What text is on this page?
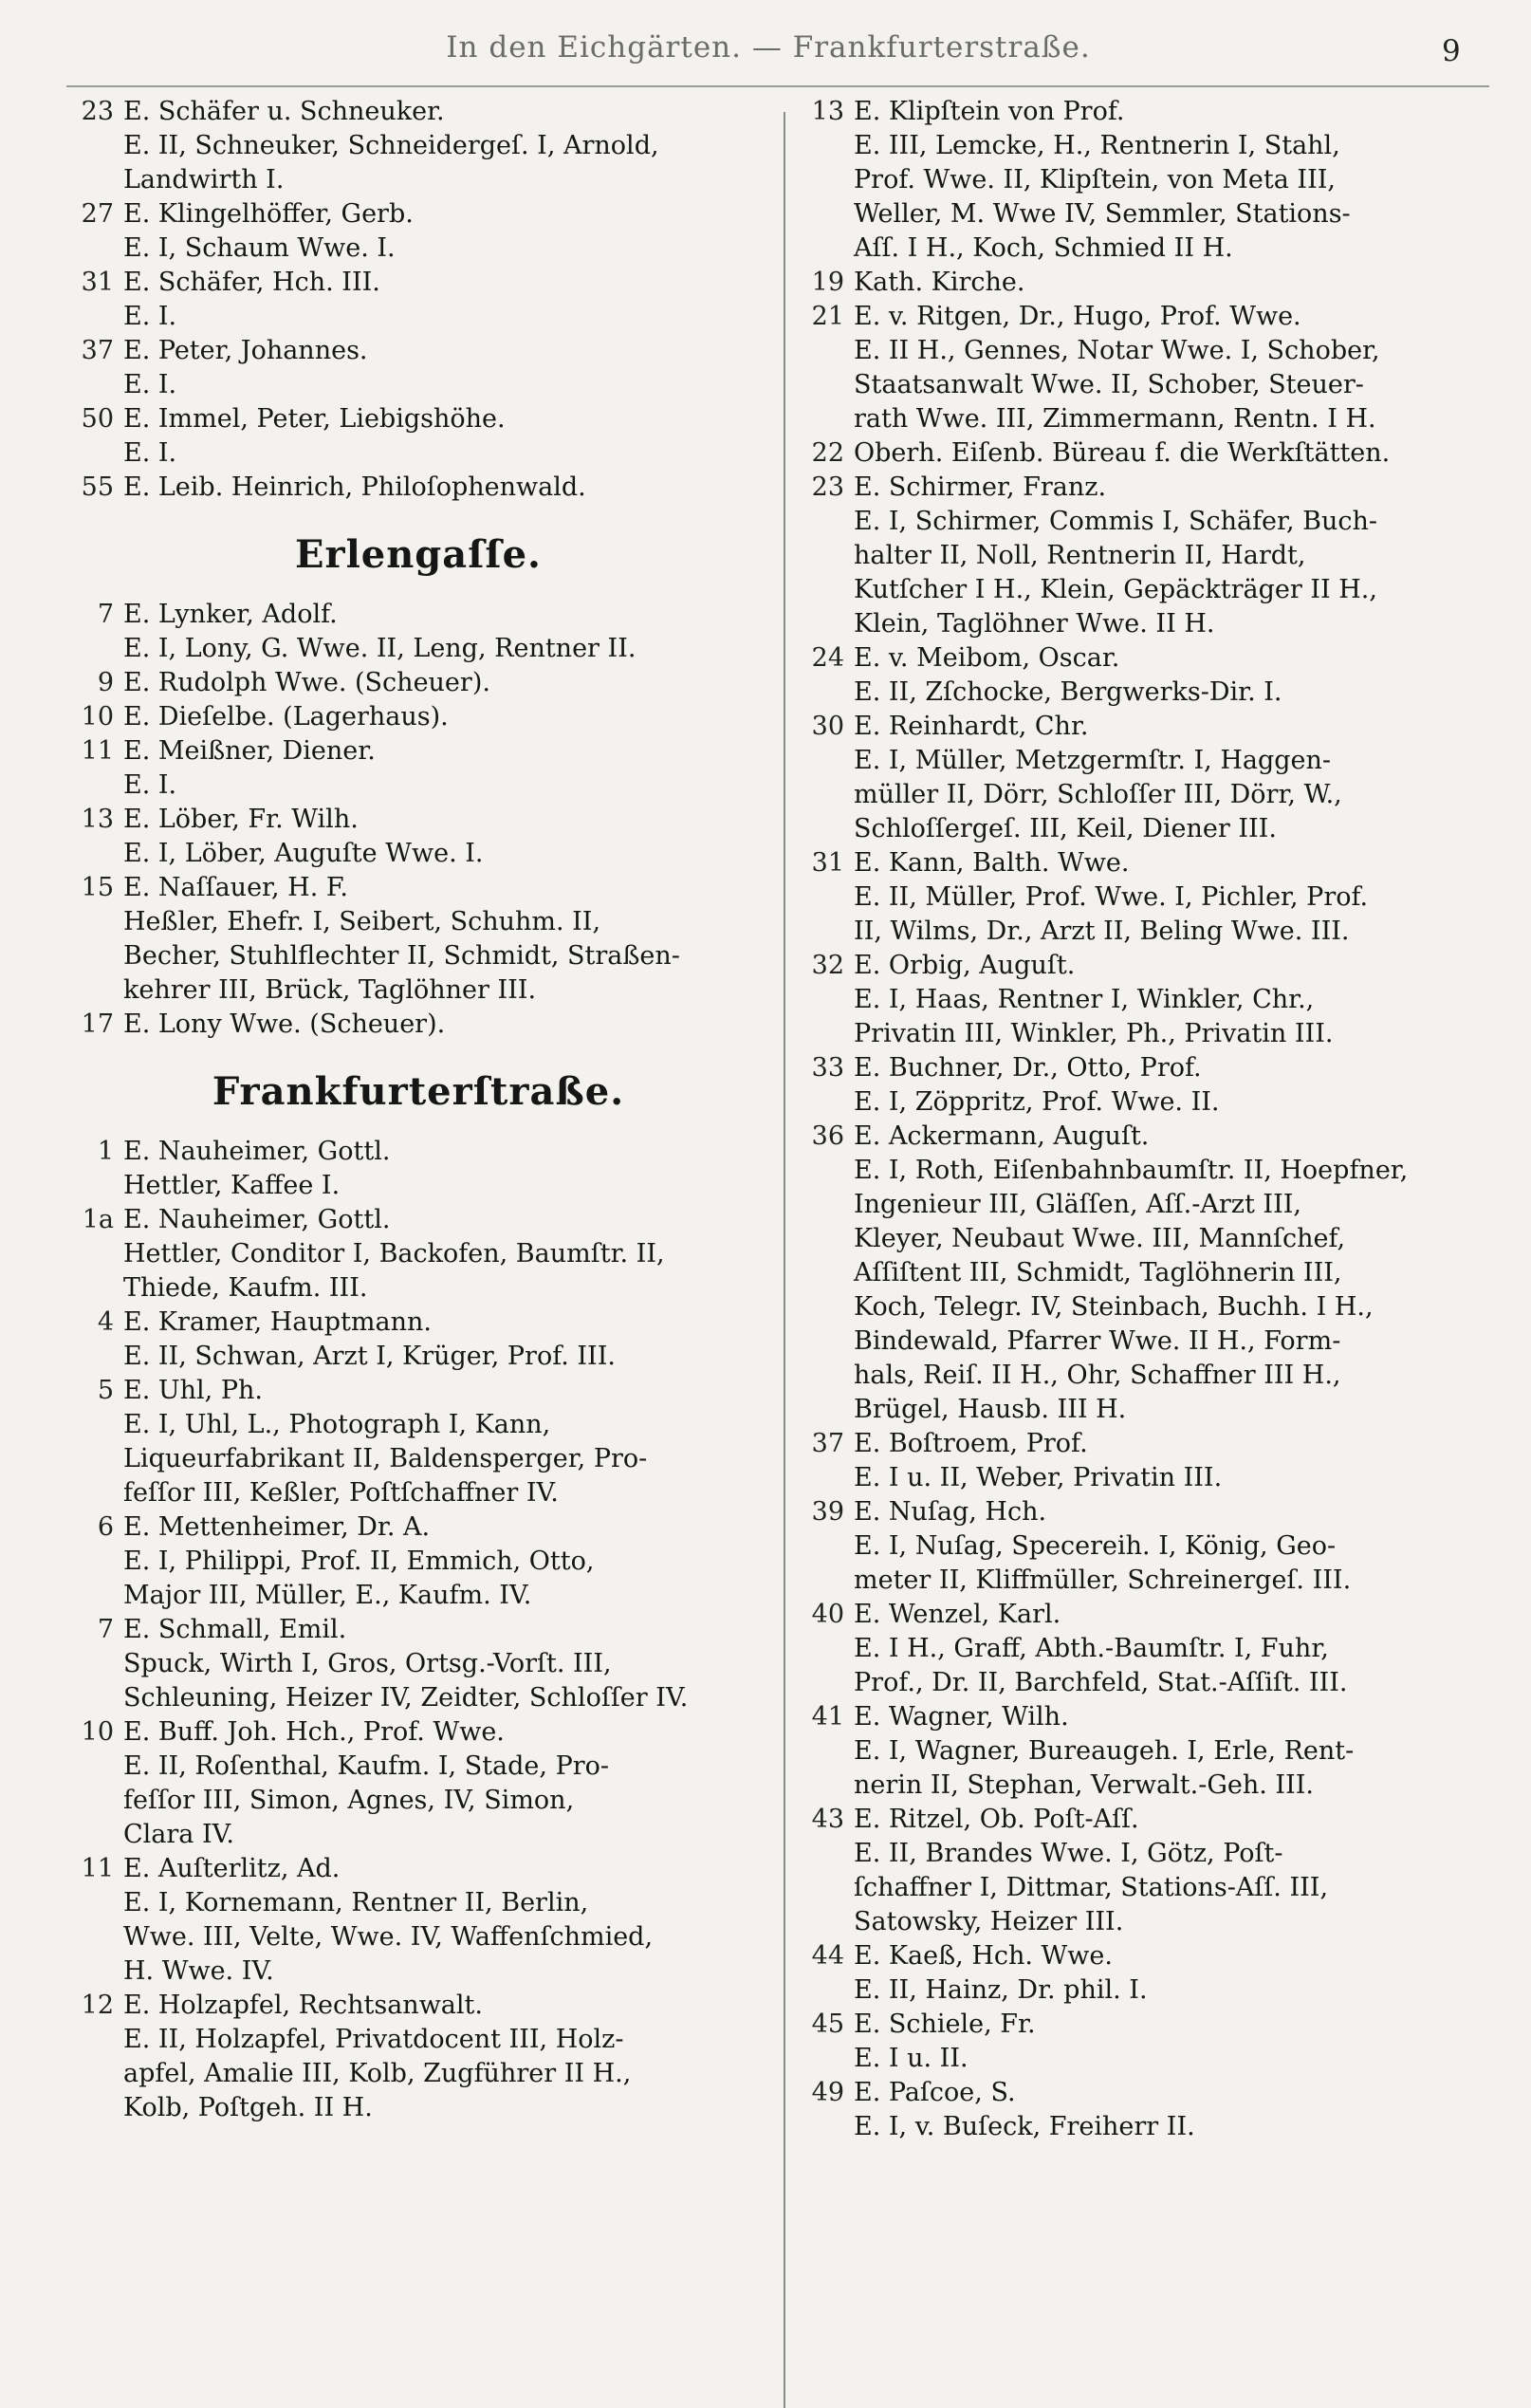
In den Eichgärten. — Frankfurterstraße.	9
23 E. Schäfer u. Schneuker.
E. II, Schneuker, Schneidergeſ. I, Arnold,
Landwirth I.
27 E. Klingelhöffer, Gerb.
E. I, Schaum Wwe. I.
31 E. Schäfer, Hch. III.
E. I.
37 E. Peter, Johannes.
E. I.
50 E. Immel, Peter, Liebigshöhe.
E. I.
55 E. Leib. Heinrich, Philoſophenwald.
Erlengaſſe.
7 E. Lynker, Adolf.
E. I, Lony, G. Wwe. II, Leng, Rentner II.
9 E. Rudolph Wwe. (Scheuer).
10 E. Dieſelbe. (Lagerhaus).
11 E. Meißner, Diener.
E. I.
13 E. Löber, Fr. Wilh.
E. I, Löber, Auguſte Wwe. I.
15 E. Naſſauer, H. F.
Heßler, Ehefr. I, Seibert, Schuhm. II,
Becher, Stuhlflechter II, Schmidt, Straßen-
kehrer III, Brück, Taglöhner III.
17 E. Lony Wwe. (Scheuer).
Frankfurterſtraße.
1 E. Nauheimer, Gottl.
Hettler, Kaffee I.
1a E. Nauheimer, Gottl.
Hettler, Conditor I, Backofen, Baumſtr. II,
Thiede, Kaufm. III.
4 E. Kramer, Hauptmann.
E. II, Schwan, Arzt I, Krüger, Prof. III.
5 E. Uhl, Ph.
E. I, Uhl, L., Photograph I, Kann,
Liqueurfabrikant II, Baldensperger, Pro-
feſſor III, Keßler, Poſtſchaffner IV.
6 E. Mettenheimer, Dr. A.
E. I, Philippi, Prof. II, Emmich, Otto,
Major III, Müller, E., Kaufm. IV.
7 E. Schmall, Emil.
Spuck, Wirth I, Gros, Ortsg.-Vorſt. III,
Schleuning, Heizer IV, Zeidter, Schloſſer IV.
10 E. Buff. Joh. Hch., Prof. Wwe.
E. II, Roſenthal, Kaufm. I, Stade, Pro-
feſſor III, Simon, Agnes, IV, Simon,
Clara IV.
11 E. Auſterlitz, Ad.
E. I, Kornemann, Rentner II, Berlin,
Wwe. III, Velte, Wwe. IV, Waffenſchmied,
H. Wwe. IV.
12 E. Holzapfel, Rechtsanwalt.
E. II, Holzapfel, Privatdocent III, Holz-
apfel, Amalie III, Kolb, Zugführer II H.,
Kolb, Poſtgeh. II H.
13 E. Klipſtein von Prof.
E. III, Lemcke, H., Rentnerin I, Stahl,
Prof. Wwe. II, Klipſtein, von Meta III,
Weller, M. Wwe IV, Semmler, Stations-
Aſſ. I H., Koch, Schmied II H.
19 Kath. Kirche.
21 E. v. Ritgen, Dr., Hugo, Prof. Wwe.
E. II H., Gennes, Notar Wwe. I, Schober,
Staatsanwalt Wwe. II, Schober, Steuer-
rath Wwe. III, Zimmermann, Rentn. I H.
22 Oberh. Eiſenb. Büreau f. die Werkſtätten.
23 E. Schirmer, Franz.
E. I, Schirmer, Commis I, Schäfer, Buch-
halter II, Noll, Rentnerin II, Hardt,
Kutſcher I H., Klein, Gepäckträger II H.,
Klein, Taglöhner Wwe. II H.
24 E. v. Meibom, Oscar.
E. II, Zſchocke, Bergwerks-Dir. I.
30 E. Reinhardt, Chr.
E. I, Müller, Metzgermſtr. I, Haggen-
müller II, Dörr, Schloſſer III, Dörr, W.,
Schloſſergeſ. III, Keil, Diener III.
31 E. Kann, Balth. Wwe.
E. II, Müller, Prof. Wwe. I, Pichler, Prof.
II, Wilms, Dr., Arzt II, Beling Wwe. III.
32 E. Orbig, Auguſt.
E. I, Haas, Rentner I, Winkler, Chr.,
Privatin III, Winkler, Ph., Privatin III.
33 E. Buchner, Dr., Otto, Prof.
E. I, Zöppritz, Prof. Wwe. II.
36 E. Ackermann, Auguſt.
E. I, Roth, Eiſenbahnbaumſtr. II, Hoepfner,
Ingenieur III, Gläſſen, Aſſ.-Arzt III,
Kleyer, Neubaut Wwe. III, Mannſchef,
Aſſiſtent III, Schmidt, Taglöhnerin III,
Koch, Telegr. IV, Steinbach, Buchh. I H.,
Bindewald, Pfarrer Wwe. II H., Form-
hals, Reiſ. II H., Ohr, Schaffner III H.,
Brügel, Hausb. III H.
37 E. Boſtroem, Prof.
E. I u. II, Weber, Privatin III.
39 E. Nuſag, Hch.
E. I, Nuſag, Specereih. I, König, Geo-
meter II, Kliffmüller, Schreinergeſ. III.
40 E. Wenzel, Karl.
E. I H., Graff, Abth.-Baumſtr. I, Fuhr,
Prof., Dr. II, Barchfeld, Stat.-Aſſiſt. III.
41 E. Wagner, Wilh.
E. I, Wagner, Bureaugeh. I, Erle, Rent-
nerin II, Stephan, Verwalt.-Geh. III.
43 E. Ritzel, Ob. Poſt-Aſſ.
E. II, Brandes Wwe. I, Götz, Poſt-
ſchaffner I, Dittmar, Stations-Aſſ. III,
Satowsky, Heizer III.
44 E. Kaeß, Hch. Wwe.
E. II, Hainz, Dr. phil. I.
45 E. Schiele, Fr.
E. I u. II.
49 E. Paſcoe, S.
E. I, v. Buſeck, Freiherr II.
